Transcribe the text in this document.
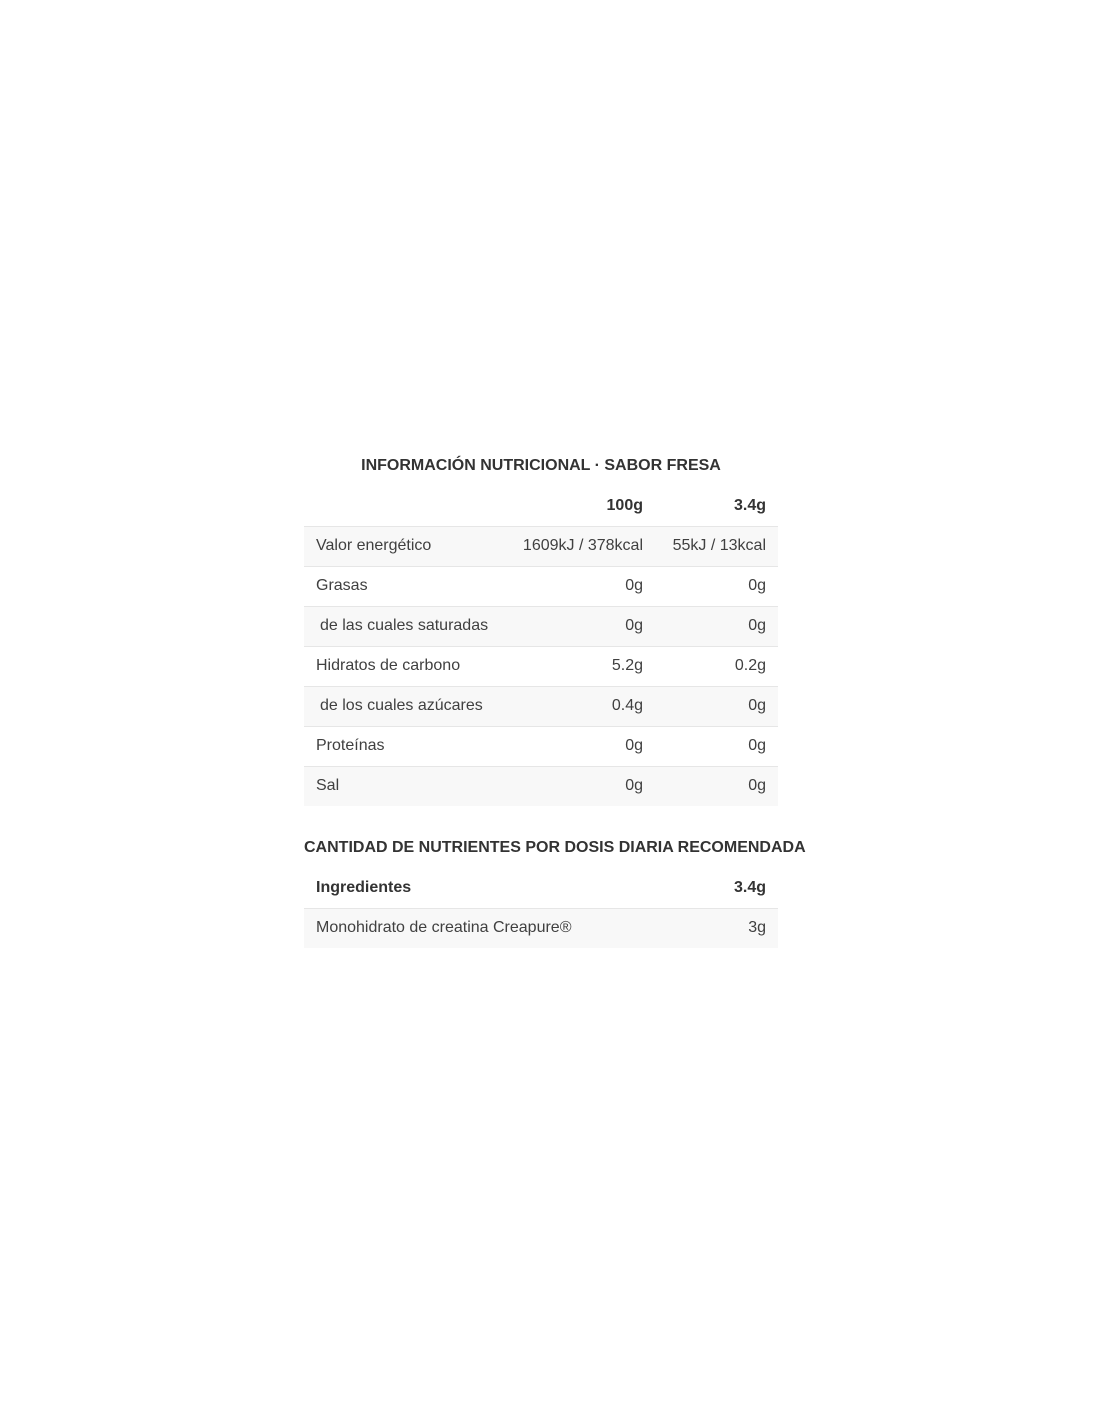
INFORMACIÓN NUTRICIONAL · SABOR FRESA
	100g	3.4g
Valor energético	1609kJ / 378kcal	55kJ / 13kcal
Grasas	0g	0g
de las cuales saturadas	0g	0g
Hidratos de carbono	5.2g	0.2g
de los cuales azúcares	0.4g	0g
Proteínas	0g	0g
Sal	0g	0g
CANTIDAD DE NUTRIENTES POR DOSIS DIARIA RECOMENDADA
Ingredientes	3.4g
Monohidrato de creatina Creapure®	3g
